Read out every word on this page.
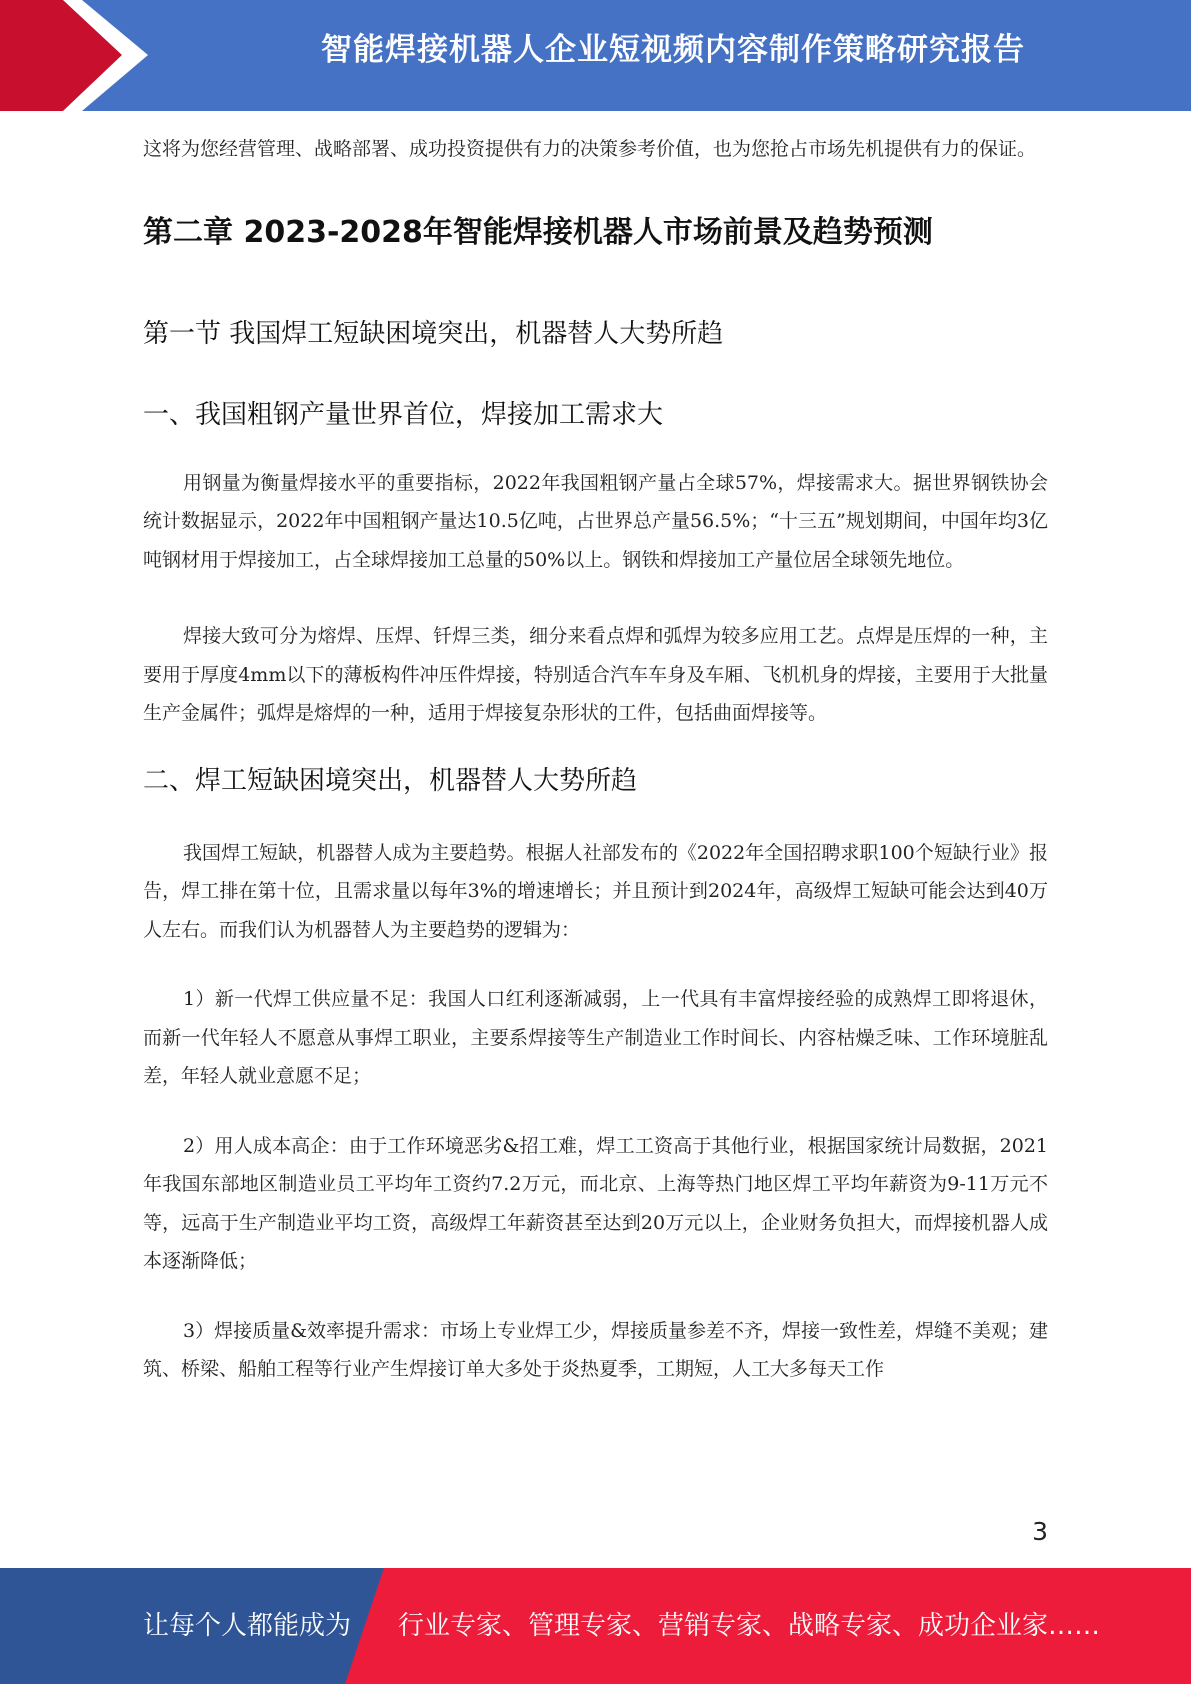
智能焊接机器人企业短视频内容制作策略研究报告

这将为您经营管理、战略部署、成功投资提供有力的决策参考价值，也为您抢占市场先机提供有力的保证。

第二章 2023-2028年智能焊接机器人市场前景及趋势预测
第一节 我国焊工短缺困境突出，机器替人大势所趋
一、我国粗钢产量世界首位，焊接加工需求大

用钢量为衡量焊接水平的重要指标，2022年我国粗钢产量占全球57%，焊接需求大。据世界钢铁协会统计数据显示，2022年中国粗钢产量达10.5亿吨，占世界总产量56.5%；“十三五”规划期间，中国年均3亿吨钢材用于焊接加工，占全球焊接加工总量的50%以上。钢铁和焊接加工产量位居全球领先地位。

焊接大致可分为熔焊、压焊、钎焊三类，细分来看点焊和弧焊为较多应用工艺。点焊是压焊的一种，主要用于厚度4mm以下的薄板构件冲压件焊接，特别适合汽车车身及车厢、飞机机身的焊接，主要用于大批量生产金属件；弧焊是熔焊的一种，适用于焊接复杂形状的工件，包括曲面焊接等。

二、焊工短缺困境突出，机器替人大势所趋

我国焊工短缺，机器替人成为主要趋势。根据人社部发布的《2022年全国招聘求职100个短缺行业》报告，焊工排在第十位，且需求量以每年3%的增速增长；并且预计到2024年，高级焊工短缺可能会达到40万人左右。而我们认为机器替人为主要趋势的逻辑为：

1）新一代焊工供应量不足：我国人口红利逐渐减弱，上一代具有丰富焊接经验的成熟焊工即将退休，而新一代年轻人不愿意从事焊工职业，主要系焊接等生产制造业工作时间长、内容枯燥乏味、工作环境脏乱差，年轻人就业意愿不足；

2）用人成本高企：由于工作环境恶劣&招工难，焊工工资高于其他行业，根据国家统计局数据，2021年我国东部地区制造业员工平均年工资约7.2万元，而北京、上海等热门地区焊工平均年薪资为9-11万元不等，远高于生产制造业平均工资，高级焊工年薪资甚至达到20万元以上，企业财务负担大，而焊接机器人成本逐渐降低；

3）焊接质量&效率提升需求：市场上专业焊工少，焊接质量参差不齐，焊接一致性差，焊缝不美观；建筑、桥梁、船舶工程等行业产生焊接订单大多处于炎热夏季，工期短，人工大多每天工作

3
让每个人都能成为 行业专家、管理专家、营销专家、战略专家、成功企业家……
